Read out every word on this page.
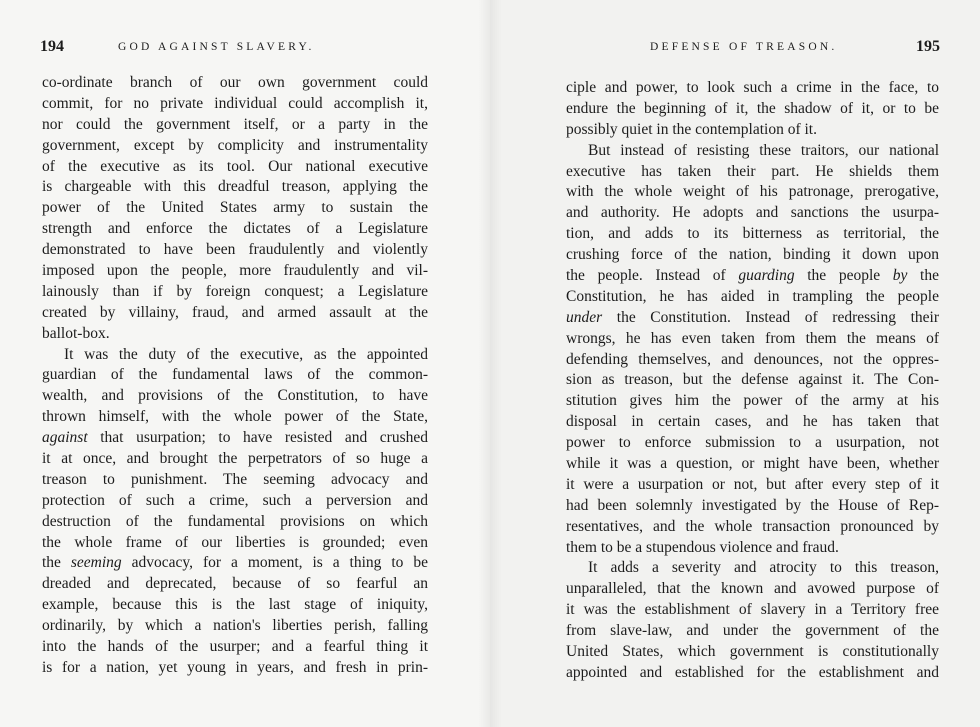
194	GOD AGAINST SLAVERY.	DEFENSE OF TREASON.	195
co-ordinate branch of our own government could
commit, for no private individual could accomplish it,
nor could the government itself, or a party in the
government, except by complicity and instrumentality
of the executive as its tool. Our national executive
is chargeable with this dreadful treason, applying the
power of the United States army to sustain the
strength and enforce the dictates of a Legislature
demonstrated to have been fraudulently and violently
imposed upon the people, more fraudulently and vil-
lainously than if by foreign conquest; a Legislature
created by villainy, fraud, and armed assault at the
ballot-box.
It was the duty of the executive, as the appointed
guardian of the fundamental laws of the common-
wealth, and provisions of the Constitution, to have
thrown himself, with the whole power of the State,
against that usurpation; to have resisted and crushed
it at once, and brought the perpetrators of so huge a
treason to punishment. The seeming advocacy and
protection of such a crime, such a perversion and
destruction of the fundamental provisions on which
the whole frame of our liberties is grounded; even
the seeming advocacy, for a moment, is a thing to be
dreaded and deprecated, because of so fearful an
example, because this is the last stage of iniquity,
ordinarily, by which a nation's liberties perish, falling
into the hands of the usurper; and a fearful thing it
is for a nation, yet young in years, and fresh in prin-
ciple and power, to look such a crime in the face, to
endure the beginning of it, the shadow of it, or to be
possibly quiet in the contemplation of it.
But instead of resisting these traitors, our national
executive has taken their part. He shields them
with the whole weight of his patronage, prerogative,
and authority. He adopts and sanctions the usurpa-
tion, and adds to its bitterness as territorial, the
crushing force of the nation, binding it down upon
the people. Instead of guarding the people by the
Constitution, he has aided in trampling the people
under the Constitution. Instead of redressing their
wrongs, he has even taken from them the means of
defending themselves, and denounces, not the oppres-
sion as treason, but the defense against it. The Con-
stitution gives him the power of the army at his
disposal in certain cases, and he has taken that
power to enforce submission to a usurpation, not
while it was a question, or might have been, whether
it were a usurpation or not, but after every step of it
had been solemnly investigated by the House of Rep-
resentatives, and the whole transaction pronounced by
them to be a stupendous violence and fraud.
It adds a severity and atrocity to this treason,
unparalleled, that the known and avowed purpose of
it was the establishment of slavery in a Territory free
from slave-law, and under the government of the
United States, which government is constitutionally
appointed and established for the establishment and
